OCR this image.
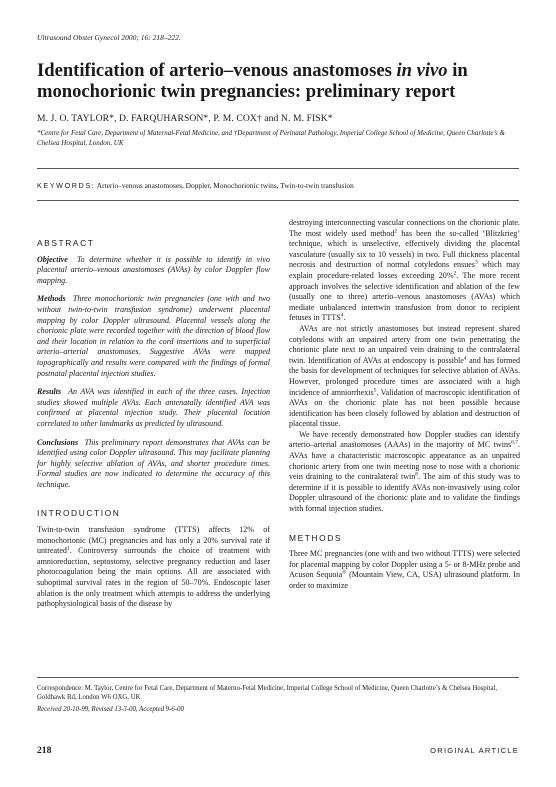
Ultrasound Obstet Gynecol 2000; 16: 218–222.
Identification of arterio–venous anastomoses in vivo in monochorionic twin pregnancies: preliminary report
M. J. O. TAYLOR*, D. FARQUHARSON*, P. M. COX† and N. M. FISK*
*Centre for Fetal Care, Department of Maternal-Fetal Medicine, and †Department of Perinatal Pathology, Imperial College School of Medicine, Queen Charlotte’s & Chelsea Hospital, London, UK
KEYWORDS: Arterio–venous anastomoses, Doppler, Monochorionic twins, Twin-to-twin transfusion
ABSTRACT

Objective To determine whether it is possible to identify in vivo placental arterio–venous anastomoses (AVAs) by color Doppler flow mapping.

Methods Three monochorionic twin pregnancies (one with and two without twin-to-twin transfusion syndrome) underwent placental mapping by color Doppler ultrasound. Placental vessels along the chorionic plate were recorded together with the direction of blood flow and their location in relation to the cord insertions and to superficial arterio–arterial anastomoses. Suggestive AVAs were mapped topographically and results were compared with the findings of formal postnatal placental injection studies.

Results An AVA was identified in each of the three cases. Injection studies showed multiple AVAs. Each antenatally identified AVA was confirmed at placental injection study. Their placental location correlated to other landmarks as predicted by ultrasound.

Conclusions This preliminary report demonstrates that AVAs can be identified using color Doppler ultrasound. This may facilitate planning for highly selective ablation of AVAs, and shorter procedure times. Formal studies are now indicated to determine the accuracy of this technique.

INTRODUCTION

Twin-to-twin transfusion syndrome (TTTS) affects 12% of monochorionic (MC) pregnancies and has only a 20% survival rate if untreated$^1$. Controversy surrounds the choice of treatment with amnioreduction, septostomy, selective pregnancy reduction and laser photocoagulation being the main options. All are associated with suboptimal survival rates in the region of 50–70%. Endoscopic laser ablation is the only treatment which attempts to address the underlying pathophysiological basis of the disease by

destroying interconnecting vascular connections on the chorionic plate. The most widely used method$^2$ has been the so-called ‘Blitzkrieg’ technique, which is unselective, effectively dividing the placental vasculature (usually six to 10 vessels) in two. Full thickness placental necrosis and destruction of normal cotyledons ensues$^3$ which may explain procedure-related losses exceeding 20%$^2$. The more recent approach involves the selective identification and ablation of the few (usually one to three) arterio–venous anastomoses (AVAs) which mediate unbalanced intertwin transfusion from donor to recipient fetuses in TTTS$^4$.

AVAs are not strictly anastomoses but instead represent shared cotyledons with an unpaired artery from one twin penetrating the chorionic plate next to an unpaired vein draining to the contralateral twin. Identification of AVAs at endoscopy is possible$^4$ and has formed the basis for development of techniques for selective ablation of AVAs. However, prolonged procedure times are associated with a high incidence of amniorrhexis$^5$. Validation of macroscopic identification of AVAs on the chorionic plate has not been possible because identification has been closely followed by ablation and destruction of placental tissue.

We have recently demonstrated how Doppler studies can identify arterio–arterial anastomoses (AAAs) in the majority of MC twins$^{6,7}$. AVAs have a characteristic macroscopic appearance as an unpaired chorionic artery from one twin meeting nose to nose with a chorionic vein draining to the contralateral twin$^8$. The aim of this study was to determine if it is possible to identify AVAs non-invasively using color Doppler ultrasound of the chorionic plate and to validate the findings with formal injection studies.

METHODS

Three MC pregnancies (one with and two without TTTS) were selected for placental mapping by color Doppler using a 5- or 8-MHz probe and Acuson Sequoia® (Mountain View, CA, USA) ultrasound platform. In order to maximize

Correspondence: M. Taylor, Centre for Fetal Care, Department of Materno-Fetal Medicine, Imperial College School of Medicine, Queen Charlotte’s & Chelsea Hospital, Goldhawk Rd, London W6 OXG, UK
Received 20-10-99, Revised 13-3-00, Accepted 9-6-00
218	ORIGINAL ARTICLE
